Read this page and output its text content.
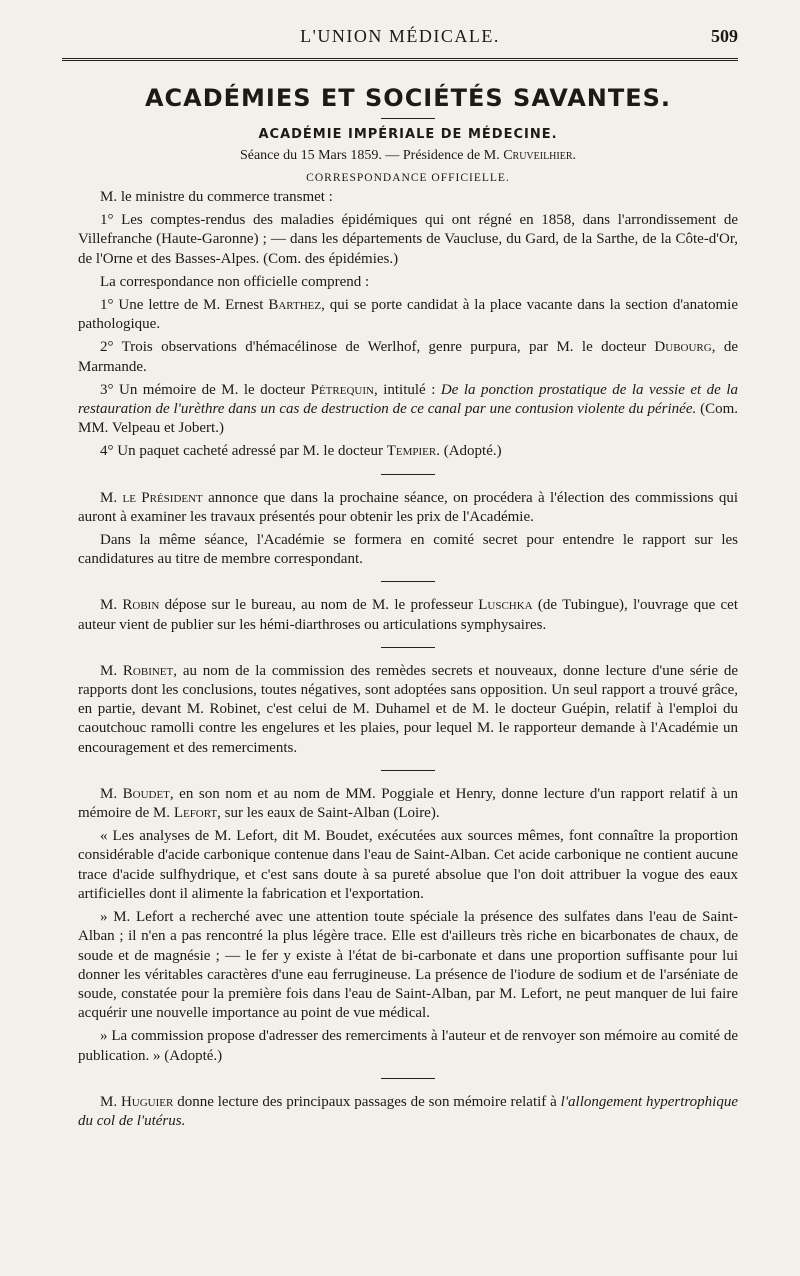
L'UNION MÉDICALE.	509
ACADÉMIES ET SOCIÉTÉS SAVANTES.
ACADÉMIE IMPÉRIALE DE MÉDECINE.
Séance du 15 Mars 1859. — Présidence de M. Cruveilhier.
CORRESPONDANCE OFFICIELLE.

M. le ministre du commerce transmet :

1° Les comptes-rendus des maladies épidémiques qui ont régné en 1858, dans l'arrondissement de Villefranche (Haute-Garonne) ; — dans les départements de Vaucluse, du Gard, de la Sarthe, de la Côte-d'Or, de l'Orne et des Basses-Alpes. (Com. des épidémies.)

La correspondance non officielle comprend :

1° Une lettre de M. Ernest Barthez, qui se porte candidat à la place vacante dans la section d'anatomie pathologique.

2° Trois observations d'hémacélinose de Werlhof, genre purpura, par M. le docteur Dubourg, de Marmande.

3° Un mémoire de M. le docteur Pétrequin, intitulé : De la ponction prostatique de la vessie et de la restauration de l'urèthre dans un cas de destruction de ce canal par une contusion violente du périnée. (Com. MM. Velpeau et Jobert.)

4° Un paquet cacheté adressé par M. le docteur Tempier. (Adopté.)

M. le Président annonce que dans la prochaine séance, on procédera à l'élection des commissions qui auront à examiner les travaux présentés pour obtenir les prix de l'Académie.

Dans la même séance, l'Académie se formera en comité secret pour entendre le rapport sur les candidatures au titre de membre correspondant.

M. Robin dépose sur le bureau, au nom de M. le professeur Luschka (de Tubingue), l'ouvrage que cet auteur vient de publier sur les hémi-diarthroses ou articulations symphysaires.

M. Robinet, au nom de la commission des remèdes secrets et nouveaux, donne lecture d'une série de rapports dont les conclusions, toutes négatives, sont adoptées sans opposition. Un seul rapport a trouvé grâce, en partie, devant M. Robinet, c'est celui de M. Duhamel et de M. le docteur Guépin, relatif à l'emploi du caoutchouc ramolli contre les engelures et les plaies, pour lequel M. le rapporteur demande à l'Académie un encouragement et des remerciments.

M. Boudet, en son nom et au nom de MM. Poggiale et Henry, donne lecture d'un rapport relatif à un mémoire de M. Lefort, sur les eaux de Saint-Alban (Loire).

« Les analyses de M. Lefort, dit M. Boudet, exécutées aux sources mêmes, font connaître la proportion considérable d'acide carbonique contenue dans l'eau de Saint-Alban. Cet acide carbonique ne contient aucune trace d'acide sulfhydrique, et c'est sans doute à sa pureté absolue que l'on doit attribuer la vogue des eaux artificielles dont il alimente la fabrication et l'exportation.

» M. Lefort a recherché avec une attention toute spéciale la présence des sulfates dans l'eau de Saint-Alban ; il n'en a pas rencontré la plus légère trace. Elle est d'ailleurs très riche en bicarbonates de chaux, de soude et de magnésie ; — le fer y existe à l'état de bi-carbonate et dans une proportion suffisante pour lui donner les véritables caractères d'une eau ferrugineuse. La présence de l'iodure de sodium et de l'arséniate de soude, constatée pour la première fois dans l'eau de Saint-Alban, par M. Lefort, ne peut manquer de lui faire acquérir une nouvelle importance au point de vue médical.

» La commission propose d'adresser des remerciments à l'auteur et de renvoyer son mémoire au comité de publication. » (Adopté.)

M. Huguier donne lecture des principaux passages de son mémoire relatif à l'allongement hypertrophique du col de l'utérus.
